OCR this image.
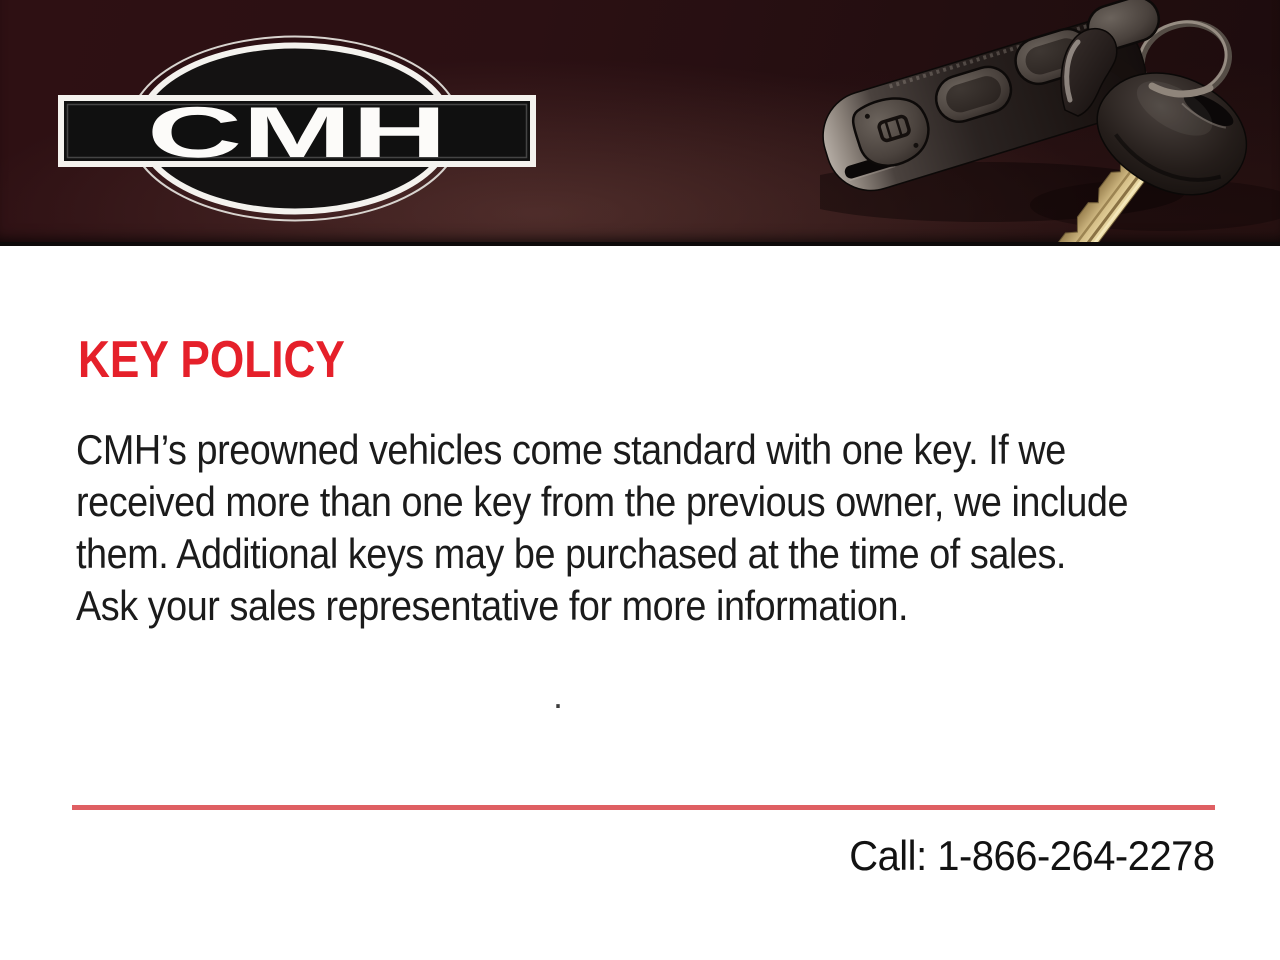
CMH
KEY POLICY
CMH’s preowned vehicles come standard with one key. If we
received more than one key from the previous owner, we include
them. Additional keys may be purchased at the time of sales.
Ask your sales representative for more information.
.
Call: 1-866-264-2278
